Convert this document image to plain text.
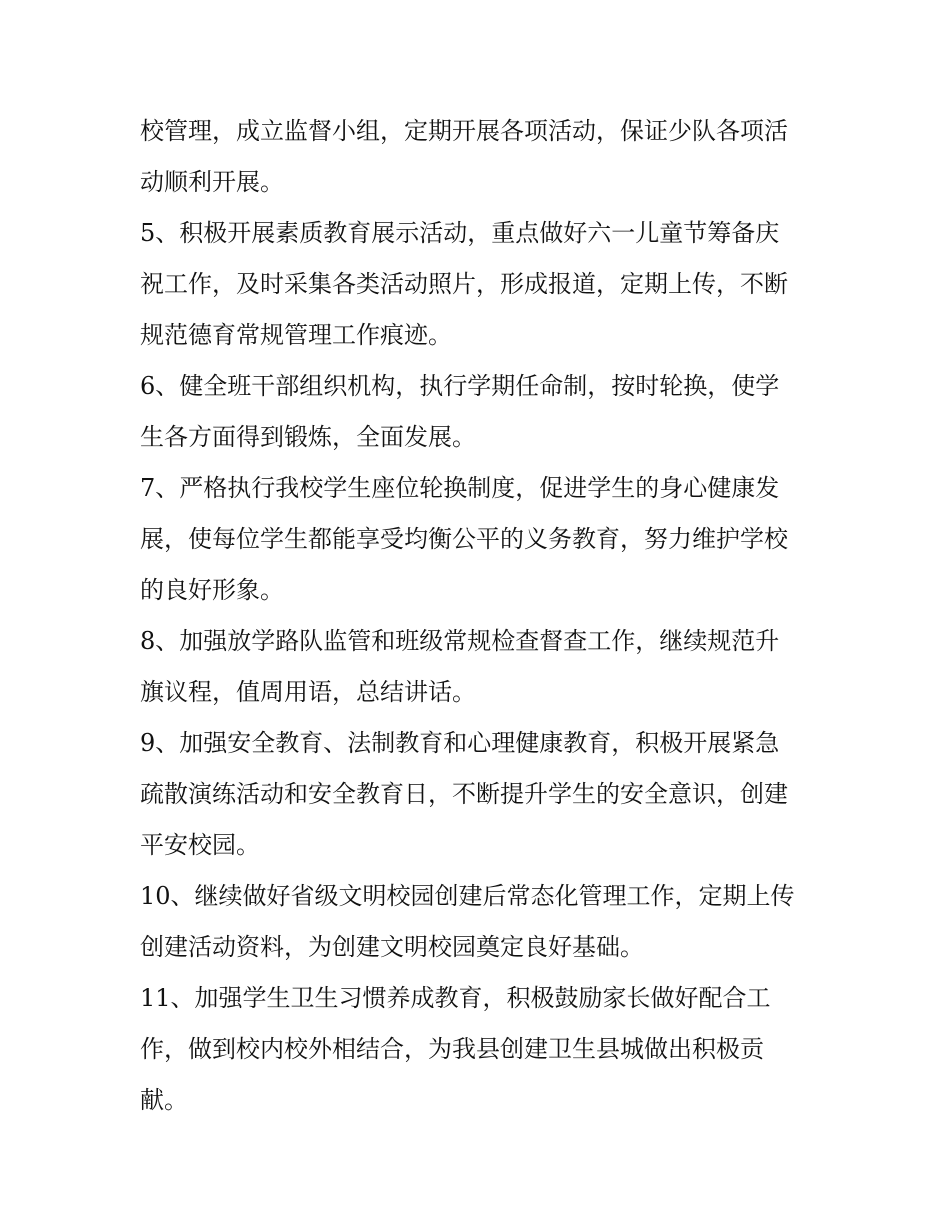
校管理，成立监督小组，定期开展各项活动，保证少队各项活
动顺利开展。
5、积极开展素质教育展示活动，重点做好六一儿童节筹备庆
祝工作，及时采集各类活动照片，形成报道，定期上传，不断
规范德育常规管理工作痕迹。
6、健全班干部组织机构，执行学期任命制，按时轮换，使学
生各方面得到锻炼，全面发展。
7、严格执行我校学生座位轮换制度，促进学生的身心健康发
展，使每位学生都能享受均衡公平的义务教育，努力维护学校
的良好形象。
8、加强放学路队监管和班级常规检查督查工作，继续规范升
旗议程，值周用语，总结讲话。
9、加强安全教育、法制教育和心理健康教育，积极开展紧急
疏散演练活动和安全教育日，不断提升学生的安全意识，创建
平安校园。
10、继续做好省级文明校园创建后常态化管理工作，定期上传
创建活动资料，为创建文明校园奠定良好基础。
11、加强学生卫生习惯养成教育，积极鼓励家长做好配合工
作，做到校内校外相结合，为我县创建卫生县城做出积极贡
献。
